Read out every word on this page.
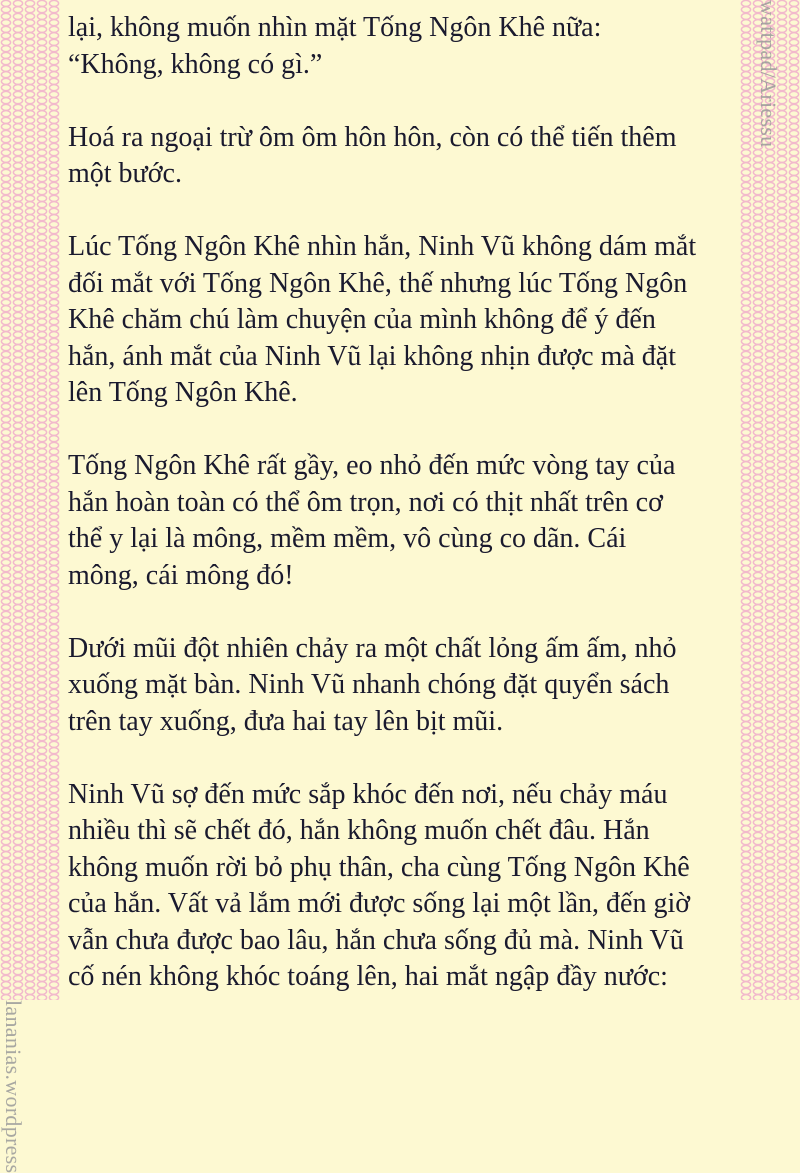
wattpad/Ariessu
lananias.wordpress

lại, không muốn nhìn mặt Tống Ngôn Khê nữa:
“Không, không có gì.”

Hoá ra ngoại trừ ôm ôm hôn hôn, còn có thể tiến thêm
một bước.

Lúc Tống Ngôn Khê nhìn hắn, Ninh Vũ không dám mắt
đối mắt với Tống Ngôn Khê, thế nhưng lúc Tống Ngôn
Khê chăm chú làm chuyện của mình không để ý đến
hắn, ánh mắt của Ninh Vũ lại không nhịn được mà đặt
lên Tống Ngôn Khê.

Tống Ngôn Khê rất gầy, eo nhỏ đến mức vòng tay của
hắn hoàn toàn có thể ôm trọn, nơi có thịt nhất trên cơ
thể y lại là mông, mềm mềm, vô cùng co dãn. Cái
mông, cái mông đó!

Dưới mũi đột nhiên chảy ra một chất lỏng ấm ấm, nhỏ
xuống mặt bàn. Ninh Vũ nhanh chóng đặt quyển sách
trên tay xuống, đưa hai tay lên bịt mũi.

Ninh Vũ sợ đến mức sắp khóc đến nơi, nếu chảy máu
nhiều thì sẽ chết đó, hắn không muốn chết đâu. Hắn
không muốn rời bỏ phụ thân, cha cùng Tống Ngôn Khê
của hắn. Vất vả lắm mới được sống lại một lần, đến giờ
vẫn chưa được bao lâu, hắn chưa sống đủ mà. Ninh Vũ
cố nén không khóc toáng lên, hai mắt ngập đầy nước:
